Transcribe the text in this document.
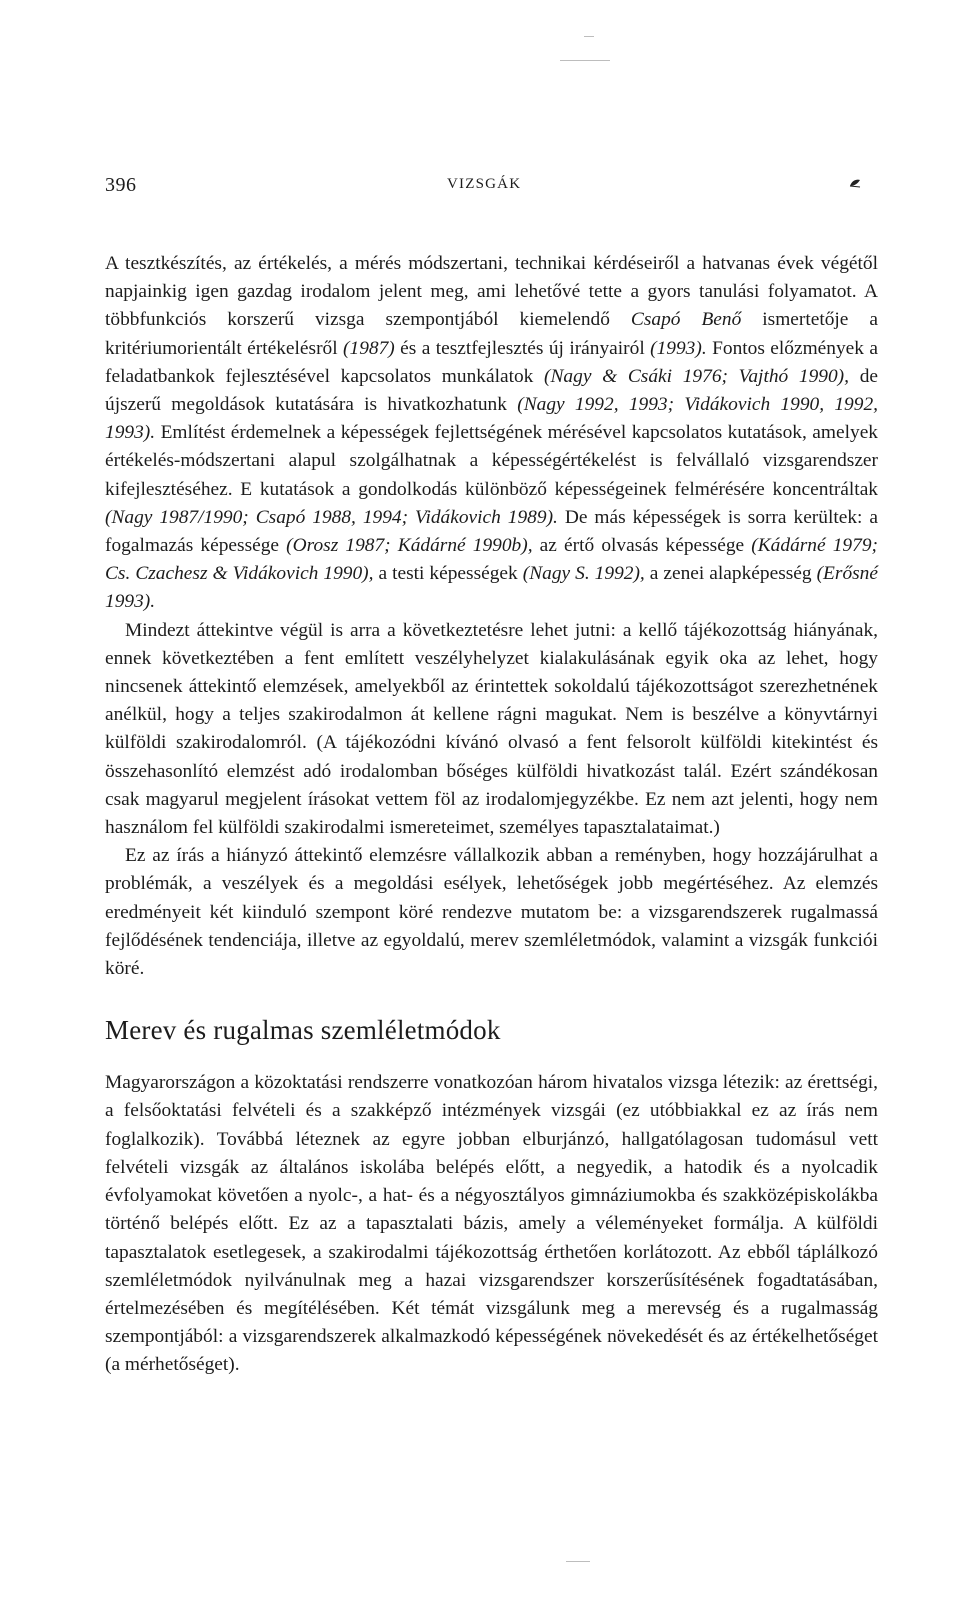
396	VIZSGÁK

A tesztkészítés, az értékelés, a mérés módszertani, technikai kérdéseiről a hatvanas évek végétől napjainkig igen gazdag irodalom jelent meg, ami lehetővé tette a gyors tanulási folyamatot. A többfunkciós korszerű vizsga szempontjából kiemelendő Csapó Benő ismertetője a kritériumorientált értékelésről (1987) és a tesztfejlesztés új irányairól (1993). Fontos előzmények a feladatbankok fejlesztésével kapcsolatos munkálatok (Nagy & Csáki 1976; Vajthó 1990), de újszerű megoldások kutatására is hivatkozhatunk (Nagy 1992, 1993; Vidákovich 1990, 1992, 1993). Említést érdemelnek a képességek fejlettségének mérésével kapcsolatos kutatások, amelyek értékelés-módszertani alapul szolgálhatnak a képességértékelést is felvállaló vizsgarendszer kifejlesztéséhez. E kutatások a gondolkodás különböző képességeinek felmérésére koncentráltak (Nagy 1987/1990; Csapó 1988, 1994; Vidákovich 1989). De más képességek is sorra kerültek: a fogalmazás képessége (Orosz 1987; Kádárné 1990b), az értő olvasás képessége (Kádárné 1979; Cs. Czachesz & Vidákovich 1990), a testi képességek (Nagy S. 1992), a zenei alapképesség (Erősné 1993).

Mindezt áttekintve végül is arra a következtetésre lehet jutni: a kellő tájékozottság hiányának, ennek következtében a fent említett veszélyhelyzet kialakulásának egyik oka az lehet, hogy nincsenek áttekintő elemzések, amelyekből az érintettek sokoldalú tájékozottságot szerezhetnének anélkül, hogy a teljes szakirodalmon át kellene rágni magukat. Nem is beszélve a könyvtárnyi külföldi szakirodalomról. (A tájékozódni kívánó olvasó a fent felsorolt külföldi kitekintést és összehasonlító elemzést adó irodalomban bőséges külföldi hivatkozást talál. Ezért szándékosan csak magyarul megjelent írásokat vettem föl az irodalomjegyzékbe. Ez nem azt jelenti, hogy nem használom fel külföldi szakirodalmi ismereteimet, személyes tapasztalataimat.)

Ez az írás a hiányzó áttekintő elemzésre vállalkozik abban a reményben, hogy hozzájárulhat a problémák, a veszélyek és a megoldási esélyek, lehetőségek jobb megértéséhez. Az elemzés eredményeit két kiinduló szempont köré rendezve mutatom be: a vizsgarendszerek rugalmassá fejlődésének tendenciája, illetve az egyoldalú, merev szemléletmódok, valamint a vizsgák funkciói köré.

Merev és rugalmas szemléletmódok

Magyarországon a közoktatási rendszerre vonatkozóan három hivatalos vizsga létezik: az érettségi, a felsőoktatási felvételi és a szakképző intézmények vizsgái (ez utóbbiakkal ez az írás nem foglalkozik). Továbbá léteznek az egyre jobban elburjánzó, hallgatólagosan tudomásul vett felvételi vizsgák az általános iskolába belépés előtt, a negyedik, a hatodik és a nyolcadik évfolyamokat követően a nyolc-, a hat- és a négyosztályos gimnáziumokba és szakközépiskolákba történő belépés előtt. Ez az a tapasztalati bázis, amely a véleményeket formálja. A külföldi tapasztalatok esetlegesek, a szakirodalmi tájékozottság érthetően korlátozott. Az ebből táplálkozó szemléletmódok nyilvánulnak meg a hazai vizsgarendszer korszerűsítésének fogadtatásában, értelmezésében és megítélésében. Két témát vizsgálunk meg a merevség és a rugalmasság szempontjából: a vizsgarendszerek alkalmazkodó képességének növekedését és az értékelhetőséget (a mérhetőséget).
